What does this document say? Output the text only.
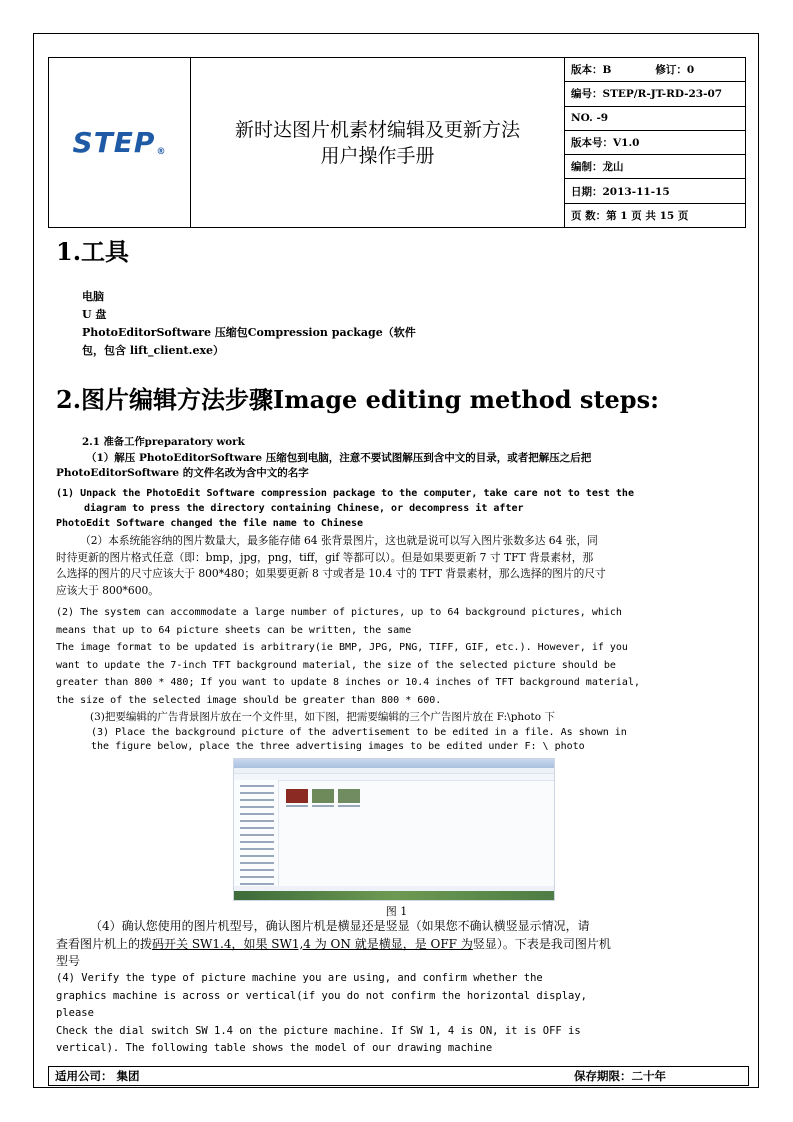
STEP®
新时达图片机素材编辑及更新方法
用户操作手册
版本：B	修订：0
编号：STEP/R-JT-RD-23-07
NO. -9
版本号：V1.0
编制：龙山
日期：2013-11-15
页 数：第 1 页 共 15 页
1.工具
电脑
U 盘
PhotoEditorSoftware 压缩包Compression package（软件
包，包含 lift_client.exe）
2.图片编辑方法步骤Image editing method steps:
2.1 准备工作preparatory work
（1）解压 PhotoEditorSoftware 压缩包到电脑，注意不要试图解压到含中文的目录，或者把解压之后把
PhotoEditorSoftware 的文件名改为含中文的名字
(1) Unpack the PhotoEdit Software compression package to the computer, take care not to test the
diagram to press the directory containing Chinese, or decompress it after
PhotoEdit Software changed the file name to Chinese
（2）本系统能容纳的图片数量大，最多能存储 64 张背景图片，这也就是说可以写入图片张数多达 64 张，同
时待更新的图片格式任意（即：bmp，jpg，png，tiff，gif 等都可以）。但是如果要更新 7 寸 TFT 背景素材，那
么选择的图片的尺寸应该大于 800*480；如果要更新 8 寸或者是 10.4 寸的 TFT 背景素材，那么选择的图片的尺寸
应该大于 800*600。
(2) The system can accommodate a large number of pictures, up to 64 background pictures, which
means that up to 64 picture sheets can be written, the same
The image format to be updated is arbitrary(ie BMP, JPG, PNG, TIFF, GIF, etc.). However, if you
want to update the 7-inch TFT background material, the size of the selected picture should be
greater than 800 * 480; If you want to update 8 inches or 10.4 inches of TFT background material,
the size of the selected image should be greater than 800 * 600.
(3)把要编辑的广告背景图片放在一个文件里，如下图，把需要编辑的三个广告图片放在 F:\photo 下
(3) Place the background picture of the advertisement to be edited in a file. As shown in
the figure below, place the three advertising images to be edited under F: \ photo
图 1
（4）确认您使用的图片机型号，确认图片机是横显还是竖显（如果您不确认横竖显示情况，请
查看图片机上的拨码开关 SW1.4，如果 SW1,4 为 ON 就是横显，是 OFF 为竖显）。下表是我司图片机
型号
(4) Verify the type of picture machine you are using, and confirm whether the
graphics machine is across or vertical(if you do not confirm the horizontal display,
please
Check the dial switch SW 1.4 on the picture machine. If SW 1, 4 is ON, it is OFF is
vertical). The following table shows the model of our drawing machine
适用公司： 集团	保存期限：二十年
